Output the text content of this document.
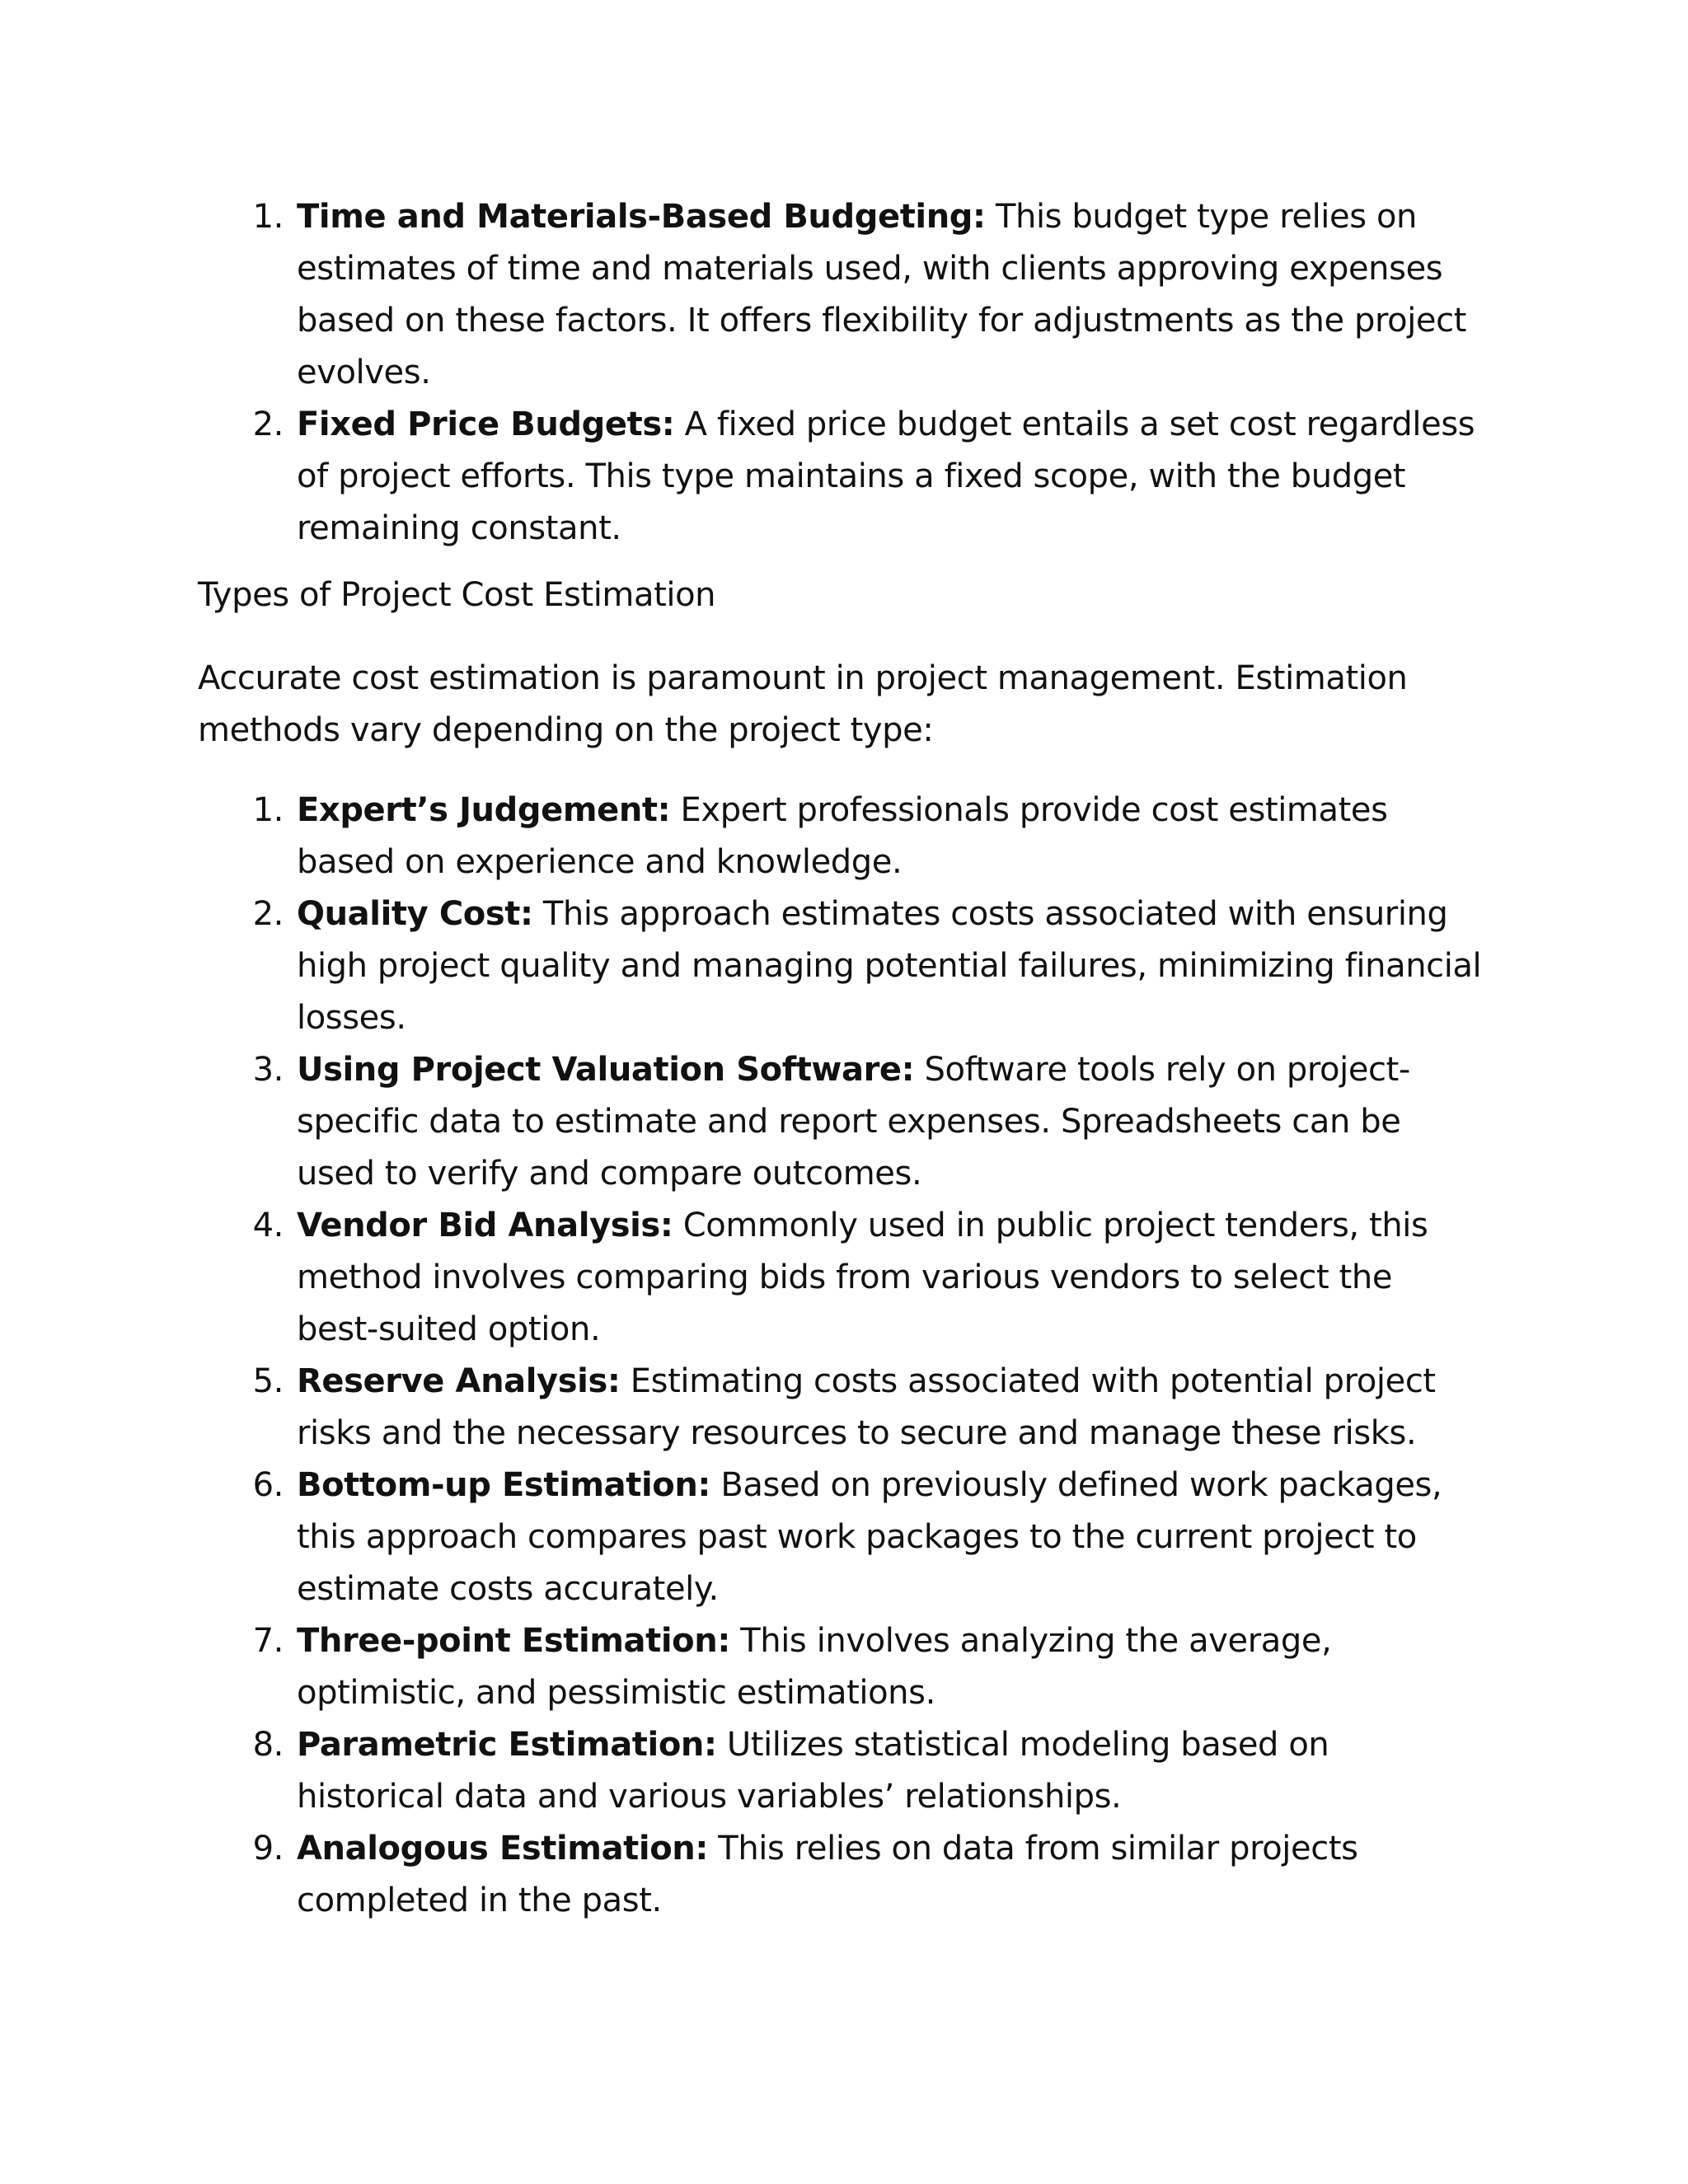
1. Time and Materials-Based Budgeting: This budget type relies on estimates of time and materials used, with clients approving expenses based on these factors. It offers flexibility for adjustments as the project evolves.
2. Fixed Price Budgets: A fixed price budget entails a set cost regardless of project efforts. This type maintains a fixed scope, with the budget remaining constant.

Types of Project Cost Estimation

Accurate cost estimation is paramount in project management. Estimation methods vary depending on the project type:

1. Expert’s Judgement: Expert professionals provide cost estimates based on experience and knowledge.
2. Quality Cost: This approach estimates costs associated with ensuring high project quality and managing potential failures, minimizing financial losses.
3. Using Project Valuation Software: Software tools rely on project-specific data to estimate and report expenses. Spreadsheets can be used to verify and compare outcomes.
4. Vendor Bid Analysis: Commonly used in public project tenders, this method involves comparing bids from various vendors to select the best-suited option.
5. Reserve Analysis: Estimating costs associated with potential project risks and the necessary resources to secure and manage these risks.
6. Bottom-up Estimation: Based on previously defined work packages, this approach compares past work packages to the current project to estimate costs accurately.
7. Three-point Estimation: This involves analyzing the average, optimistic, and pessimistic estimations.
8. Parametric Estimation: Utilizes statistical modeling based on historical data and various variables’ relationships.
9. Analogous Estimation: This relies on data from similar projects completed in the past.
